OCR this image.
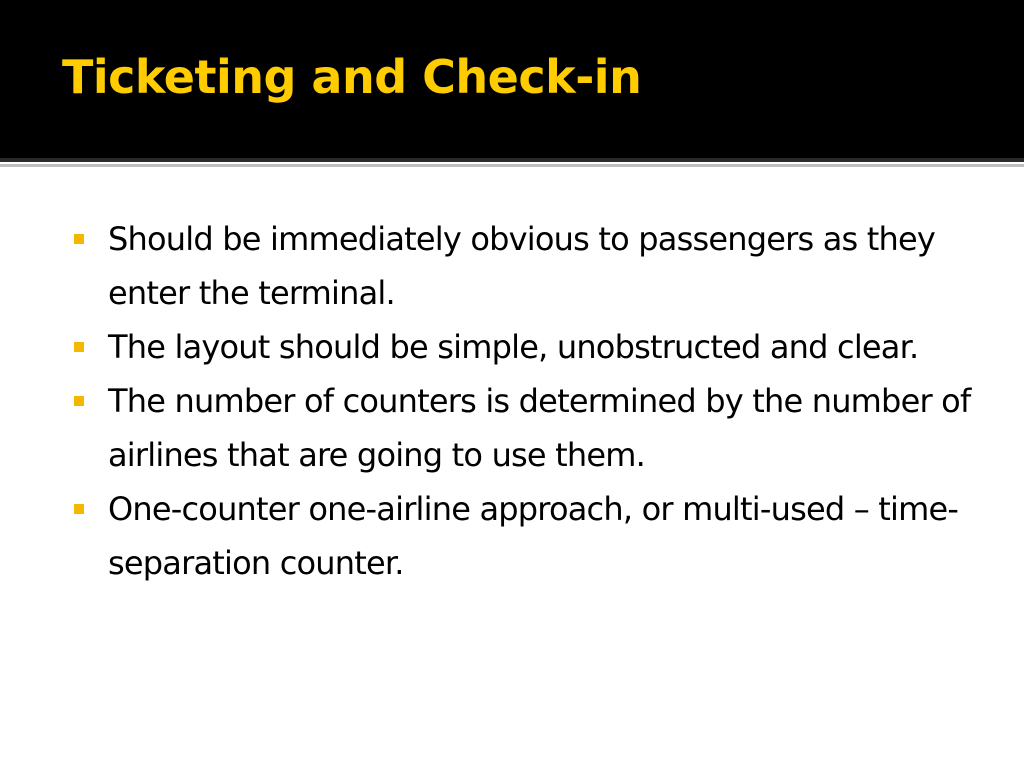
Ticketing and Check-in
Should be immediately obvious to passengers as they enter the terminal.
The layout should be simple, unobstructed and clear.
The number of counters is determined by the number of airlines that are going to use them.
One-counter one-airline approach, or multi-used – time-separation counter.
